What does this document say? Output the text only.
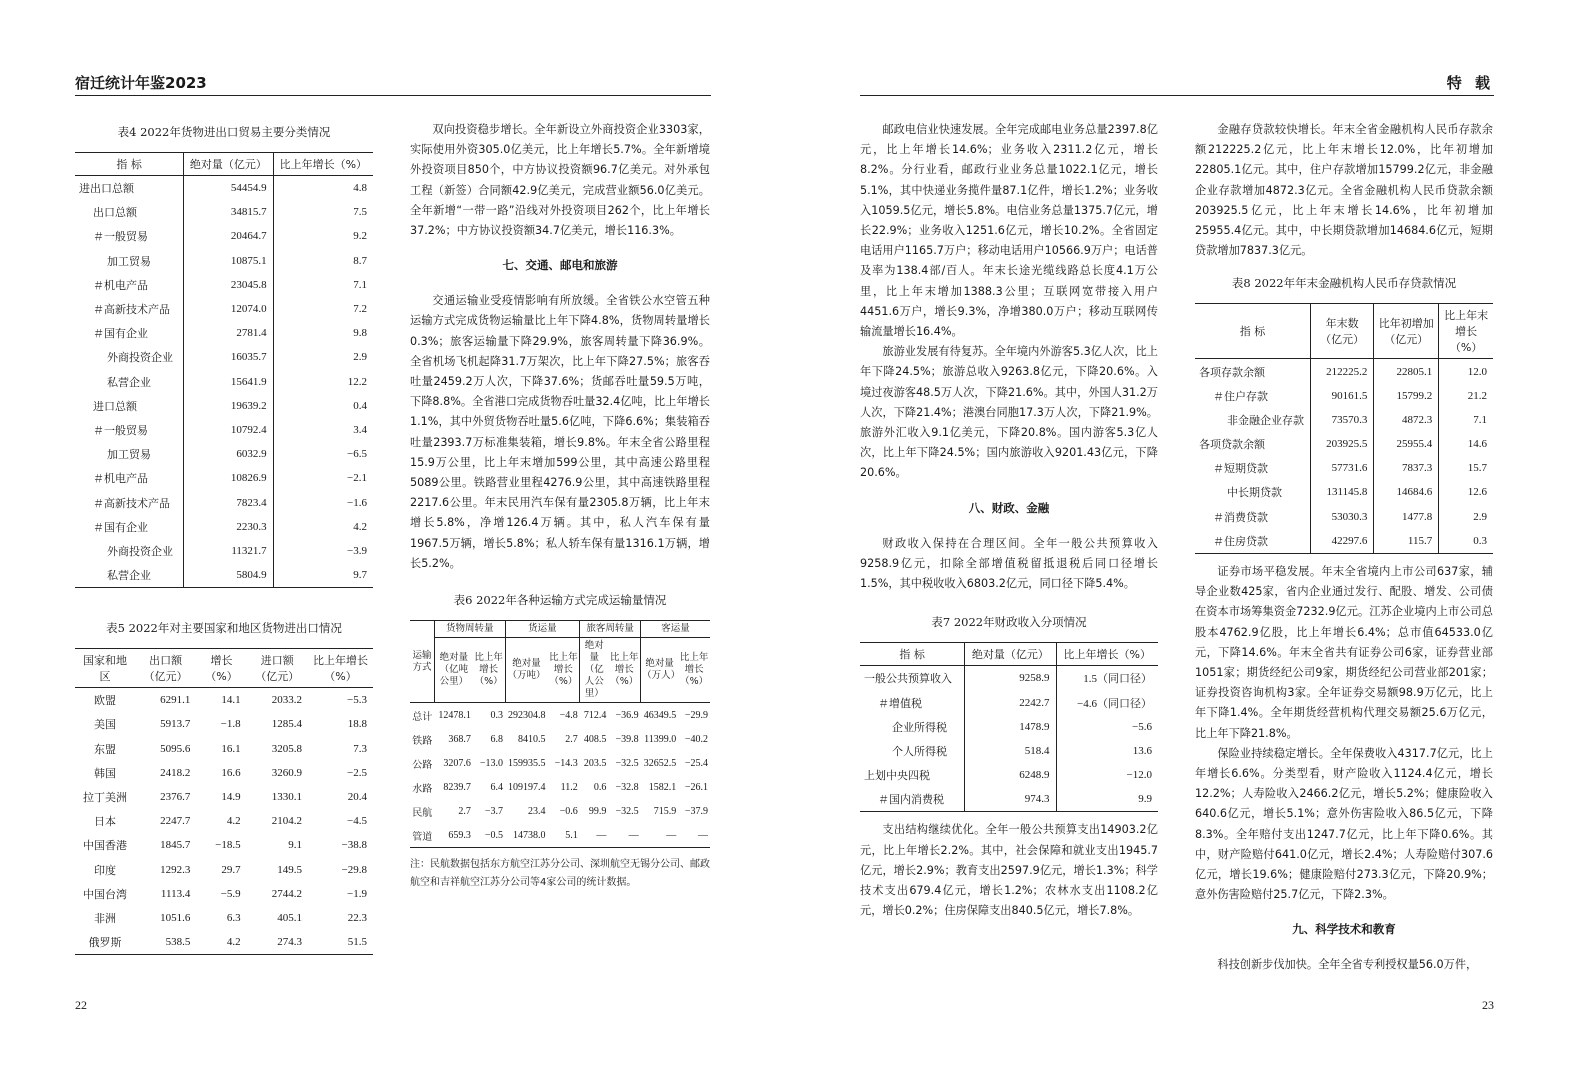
宿迁统计年鉴2023	特 载
表4 2022年货物进出口贸易主要分类情况
指 标	绝对量（亿元）	比上年增长（%）
进出口总额	54454.9	4.8
出口总额	34815.7	7.5
＃一般贸易	20464.7	9.2
加工贸易	10875.1	8.7
＃机电产品	23045.8	7.1
＃高新技术产品	12074.0	7.2
＃国有企业	2781.4	9.8
外商投资企业	16035.7	2.9
私营企业	15641.9	12.2
进口总额	19639.2	0.4
＃一般贸易	10792.4	3.4
加工贸易	6032.9	−6.5
＃机电产品	10826.9	−2.1
＃高新技术产品	7823.4	−1.6
＃国有企业	2230.3	4.2
外商投资企业	11321.7	−3.9
私营企业	5804.9	9.7
表5 2022年对主要国家和地区货物进出口情况
国家和地区	出口额（亿元）	增长（%）	进口额（亿元）	比上年增长（%）
欧盟	6291.1	14.1	2033.2	−5.3
美国	5913.7	−1.8	1285.4	18.8
东盟	5095.6	16.1	3205.8	7.3
韩国	2418.2	16.6	3260.9	−2.5
拉丁美洲	2376.7	14.9	1330.1	20.4
日本	2247.7	4.2	2104.2	−4.5
中国香港	1845.7	−18.5	9.1	−38.8
印度	1292.3	29.7	149.5	−29.8
中国台湾	1113.4	−5.9	2744.2	−1.9
非洲	1051.6	6.3	405.1	22.3
俄罗斯	538.5	4.2	274.3	51.5

双向投资稳步增长。全年新设立外商投资企业3303家，实际使用外资305.0亿美元，比上年增长5.7%。全年新增境外投资项目850个，中方协议投资额96.7亿美元。对外承包工程（新签）合同额42.9亿美元，完成营业额56.0亿美元。全年新增“一带一路”沿线对外投资项目262个，比上年增长37.2%；中方协议投资额34.7亿美元，增长116.3%。

七、交通、邮电和旅游

交通运输业受疫情影响有所放缓。全省铁公水空管五种运输方式完成货物运输量比上年下降4.8%，货物周转量增长0.3%；旅客运输量下降29.9%，旅客周转量下降36.9%。全省机场飞机起降31.7万架次，比上年下降27.5%；旅客吞吐量2459.2万人次，下降37.6%；货邮吞吐量59.5万吨，下降8.8%。全省港口完成货物吞吐量32.4亿吨，比上年增长1.1%，其中外贸货物吞吐量5.6亿吨，下降6.6%；集装箱吞吐量2393.7万标准集装箱，增长9.8%。年末全省公路里程15.9万公里，比上年末增加599公里，其中高速公路里程5089公里。铁路营业里程4276.9公里，其中高速铁路里程2217.6公里。年末民用汽车保有量2305.8万辆，比上年末增长5.8%，净增126.4万辆。其中，私人汽车保有量1967.5万辆，增长5.8%；私人轿车保有量1316.1万辆，增长5.2%。

表6 2022年各种运输方式完成运输量情况
运输方式	货物周转量		货运量		旅客周转量		客运量	
	绝对量（亿吨公里）	比上年增长（%）	绝对量（万吨）	比上年增长（%）	绝对量（亿人公里）	比上年增长（%）	绝对量（万人）	比上年增长（%）
总计	12478.1	0.3	292304.8	−4.8	712.4	−36.9	46349.5	−29.9
铁路	368.7	6.8	8410.5	2.7	408.5	−39.8	11399.0	−40.2
公路	3207.6	−13.0	159935.5	−14.3	203.5	−32.5	32652.5	−25.4
水路	8239.7	6.4	109197.4	11.2	0.6	−32.8	1582.1	−26.1
民航	2.7	−3.7	23.4	−0.6	99.9	−32.5	715.9	−37.9
管道	659.3	−0.5	14738.0	5.1	—	—	—	—

注：民航数据包括东方航空江苏分公司、深圳航空无锡分公司、邮政航空和吉祥航空江苏分公司等4家公司的统计数据。

邮政电信业快速发展。全年完成邮电业务总量2397.8亿元，比上年增长14.6%；业务收入2311.2亿元，增长8.2%。分行业看，邮政行业业务总量1022.1亿元，增长5.1%，其中快递业务揽件量87.1亿件，增长1.2%；业务收入1059.5亿元，增长5.8%。电信业务总量1375.7亿元，增长22.9%；业务收入1251.6亿元，增长10.2%。全省固定电话用户1165.7万户；移动电话用户10566.9万户；电话普及率为138.4部/百人。年末长途光缆线路总长度4.1万公里，比上年末增加1388.3公里；互联网宽带接入用户4451.6万户，增长9.3%，净增380.0万户；移动互联网传输流量增长16.4%。

旅游业发展有待复苏。全年境内外游客5.3亿人次，比上年下降24.5%；旅游总收入9263.8亿元，下降20.6%。入境过夜游客48.5万人次，下降21.6%。其中，外国人31.2万人次，下降21.4%；港澳台同胞17.3万人次，下降21.9%。旅游外汇收入9.1亿美元，下降20.8%。国内游客5.3亿人次，比上年下降24.5%；国内旅游收入9201.43亿元，下降20.6%。

八、财政、金融

财政收入保持在合理区间。全年一般公共预算收入9258.9亿元，扣除全部增值税留抵退税后同口径增长1.5%，其中税收收入6803.2亿元，同口径下降5.4%。

表7 2022年财政收入分项情况
指 标	绝对量（亿元）	比上年增长（%）
一般公共预算收入	9258.9	1.5（同口径）
＃增值税	2242.7	−4.6（同口径）
企业所得税	1478.9	−5.6
个人所得税	518.4	13.6
上划中央四税	6248.9	−12.0
＃国内消费税	974.3	9.9

支出结构继续优化。全年一般公共预算支出14903.2亿元，比上年增长2.2%。其中，社会保障和就业支出1945.7亿元，增长2.9%；教育支出2597.9亿元，增长1.3%；科学技术支出679.4亿元，增长1.2%；农林水支出1108.2亿元，增长0.2%；住房保障支出840.5亿元，增长7.8%。

金融存贷款较快增长。年末全省金融机构人民币存款余额212225.2亿元，比上年末增长12.0%，比年初增加22805.1亿元。其中，住户存款增加15799.2亿元，非金融企业存款增加4872.3亿元。全省金融机构人民币贷款余额203925.5亿元，比上年末增长14.6%，比年初增加25955.4亿元。其中，中长期贷款增加14684.6亿元，短期贷款增加7837.3亿元。

表8 2022年年末金融机构人民币存贷款情况
指 标	年末数（亿元）	比年初增加（亿元）	比上年末增长（%）
各项存款余额	212225.2	22805.1	12.0
＃住户存款	90161.5	15799.2	21.2
非金融企业存款	73570.3	4872.3	7.1
各项贷款余额	203925.5	25955.4	14.6
＃短期贷款	57731.6	7837.3	15.7
中长期贷款	131145.8	14684.6	12.6
＃消费贷款	53030.3	1477.8	2.9
＃住房贷款	42297.6	115.7	0.3

证券市场平稳发展。年末全省境内上市公司637家，辅导企业数425家，省内企业通过发行、配股、增发、公司债在资本市场筹集资金7232.9亿元。江苏企业境内上市公司总股本4762.9亿股，比上年增长6.4%；总市值64533.0亿元，下降14.6%。年末全省共有证券公司6家，证券营业部1051家；期货经纪公司9家，期货经纪公司营业部201家；证券投资咨询机构3家。全年证券交易额98.9万亿元，比上年下降1.4%。全年期货经营机构代理交易额25.6万亿元，比上年下降21.8%。

保险业持续稳定增长。全年保费收入4317.7亿元，比上年增长6.6%。分类型看，财产险收入1124.4亿元，增长12.2%；人寿险收入2466.2亿元，增长5.2%；健康险收入640.6亿元，增长5.1%；意外伤害险收入86.5亿元，下降8.3%。全年赔付支出1247.7亿元，比上年下降0.6%。其中，财产险赔付641.0亿元，增长2.4%；人寿险赔付307.6亿元，增长19.6%；健康险赔付273.3亿元，下降20.9%；意外伤害险赔付25.7亿元，下降2.3%。

九、科学技术和教育

科技创新步伐加快。全年全省专利授权量56.0万件，

22	23
